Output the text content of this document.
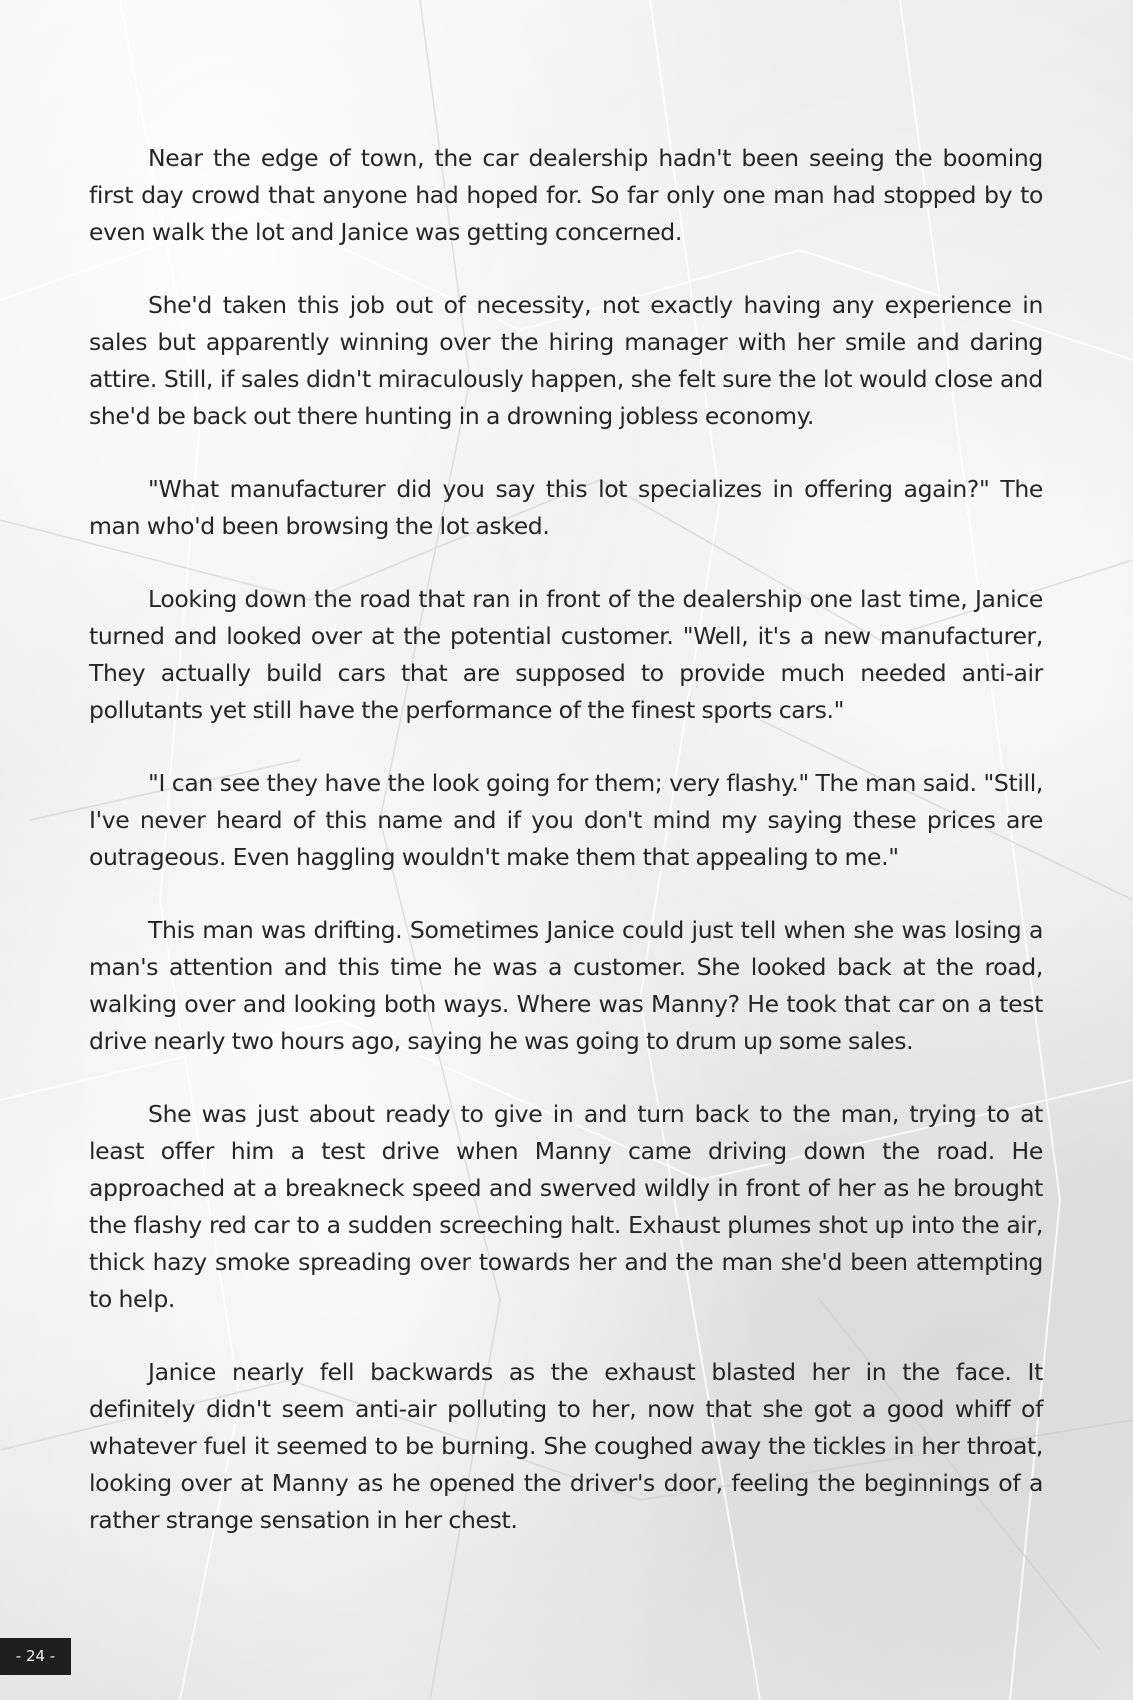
Near the edge of town, the car dealership hadn't been seeing the booming first day crowd that anyone had hoped for. So far only one man had stopped by to even walk the lot and Janice was getting concerned.

She'd taken this job out of necessity, not exactly having any experience in sales but apparently winning over the hiring manager with her smile and daring attire. Still, if sales didn't miraculously happen, she felt sure the lot would close and she'd be back out there hunting in a drowning jobless economy.

"What manufacturer did you say this lot specializes in offering again?" The man who'd been browsing the lot asked.

Looking down the road that ran in front of the dealership one last time, Janice turned and looked over at the potential customer. "Well, it's a new manufacturer, They actually build cars that are supposed to provide much needed anti-air pollutants yet still have the performance of the finest sports cars."

"I can see they have the look going for them; very flashy." The man said. "Still, I've never heard of this name and if you don't mind my saying these prices are outrageous. Even haggling wouldn't make them that appealing to me."

This man was drifting. Sometimes Janice could just tell when she was losing a man's attention and this time he was a customer. She looked back at the road, walking over and looking both ways. Where was Manny? He took that car on a test drive nearly two hours ago, saying he was going to drum up some sales.

She was just about ready to give in and turn back to the man, trying to at least offer him a test drive when Manny came driving down the road. He approached at a breakneck speed and swerved wildly in front of her as he brought the flashy red car to a sudden screeching halt. Exhaust plumes shot up into the air, thick hazy smoke spreading over towards her and the man she'd been attempting to help.

Janice nearly fell backwards as the exhaust blasted her in the face. It definitely didn't seem anti-air polluting to her, now that she got a good whiff of whatever fuel it seemed to be burning. She coughed away the tickles in her throat, looking over at Manny as he opened the driver's door, feeling the beginnings of a rather strange sensation in her chest.

- 24 -
